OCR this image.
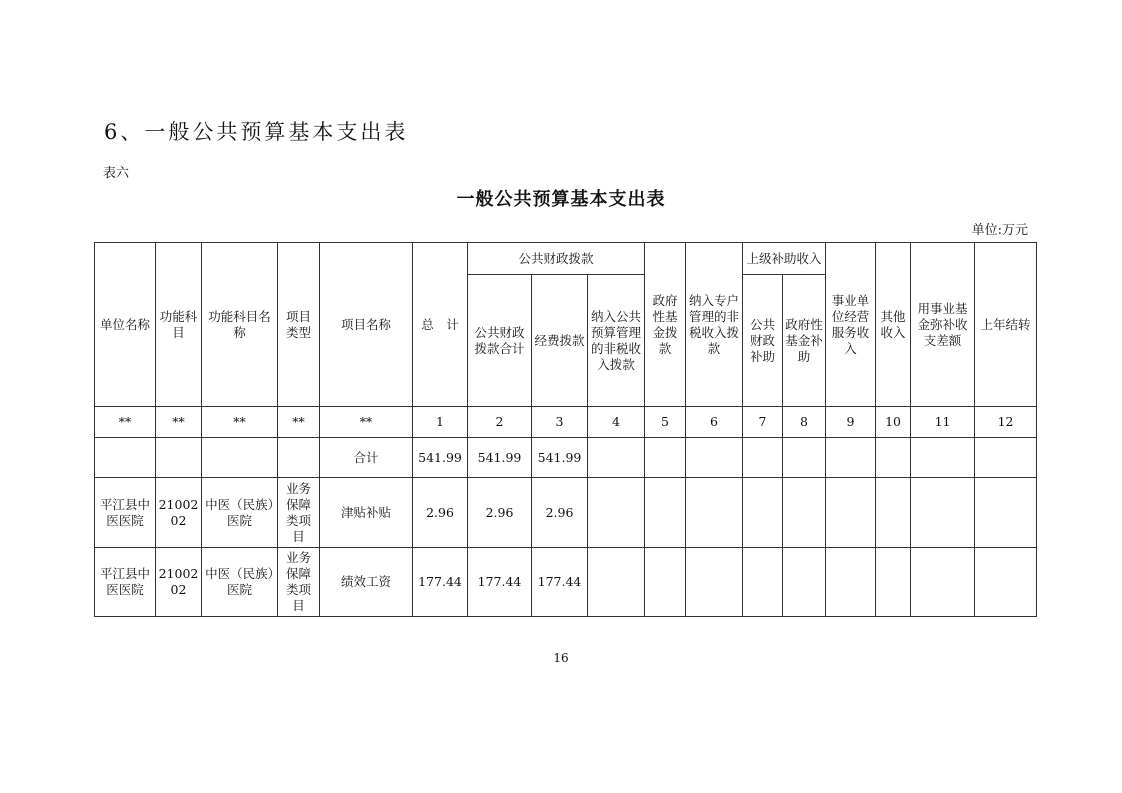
6、一般公共预算基本支出表
表六
一般公共预算基本支出表
单位:万元
单位名称	功能科目	功能科目名称	项目类型	项目名称	总　计	公共财政拨款			政府性基金拨款	纳入专户管理的非税收入拨款	上级补助收入		事业单位经营服务收入	其他收入	用事业基金弥补收支差额	上年结转
						公共财政拨款合计	经费拨款	纳入公共预算管理的非税收入拨款			公共财政补助	政府性基金补助				
**	**	**	**	**	1	2	3	4	5	6	7	8	9	10	11	12
				合计	541.99	541.99	541.99									
平江县中医医院	2100202	中医（民族）医院	业务保障类项目	津贴补贴	2.96	2.96	2.96									
平江县中医医院	2100202	中医（民族）医院	业务保障类项目	绩效工资	177.44	177.44	177.44									
16
